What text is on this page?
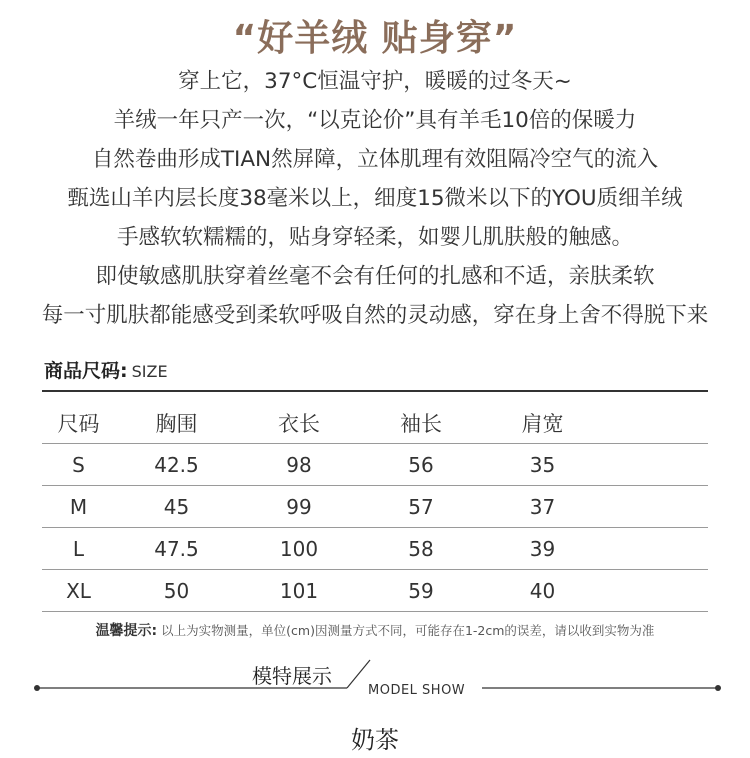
“好羊绒 贴身穿”
穿上它，37°C恒温守护，暖暖的过冬天~
羊绒一年只产一次，“以克论价”具有羊毛10倍的保暖力
自然卷曲形成TIAN然屏障，立体肌理有效阻隔冷空气的流入
甄选山羊内层长度38毫米以上，细度15微米以下的YOU质细羊绒
手感软软糯糯的，贴身穿轻柔，如婴儿肌肤般的触感。
即使敏感肌肤穿着丝毫不会有任何的扎感和不适，亲肤柔软
每一寸肌肤都能感受到柔软呼吸自然的灵动感，穿在身上舍不得脱下来
商品尺码: SIZE
尺码	胸围	衣长	袖长	肩宽	
S	42.5	98	56	35	
M	45	99	57	37	
L	47.5	100	58	39	
XL	50	101	59	40	
温馨提示: 以上为实物测量，单位(cm)因测量方式不同，可能存在1-2cm的误差，请以收到实物为准
模特展示
MODEL SHOW
奶茶
